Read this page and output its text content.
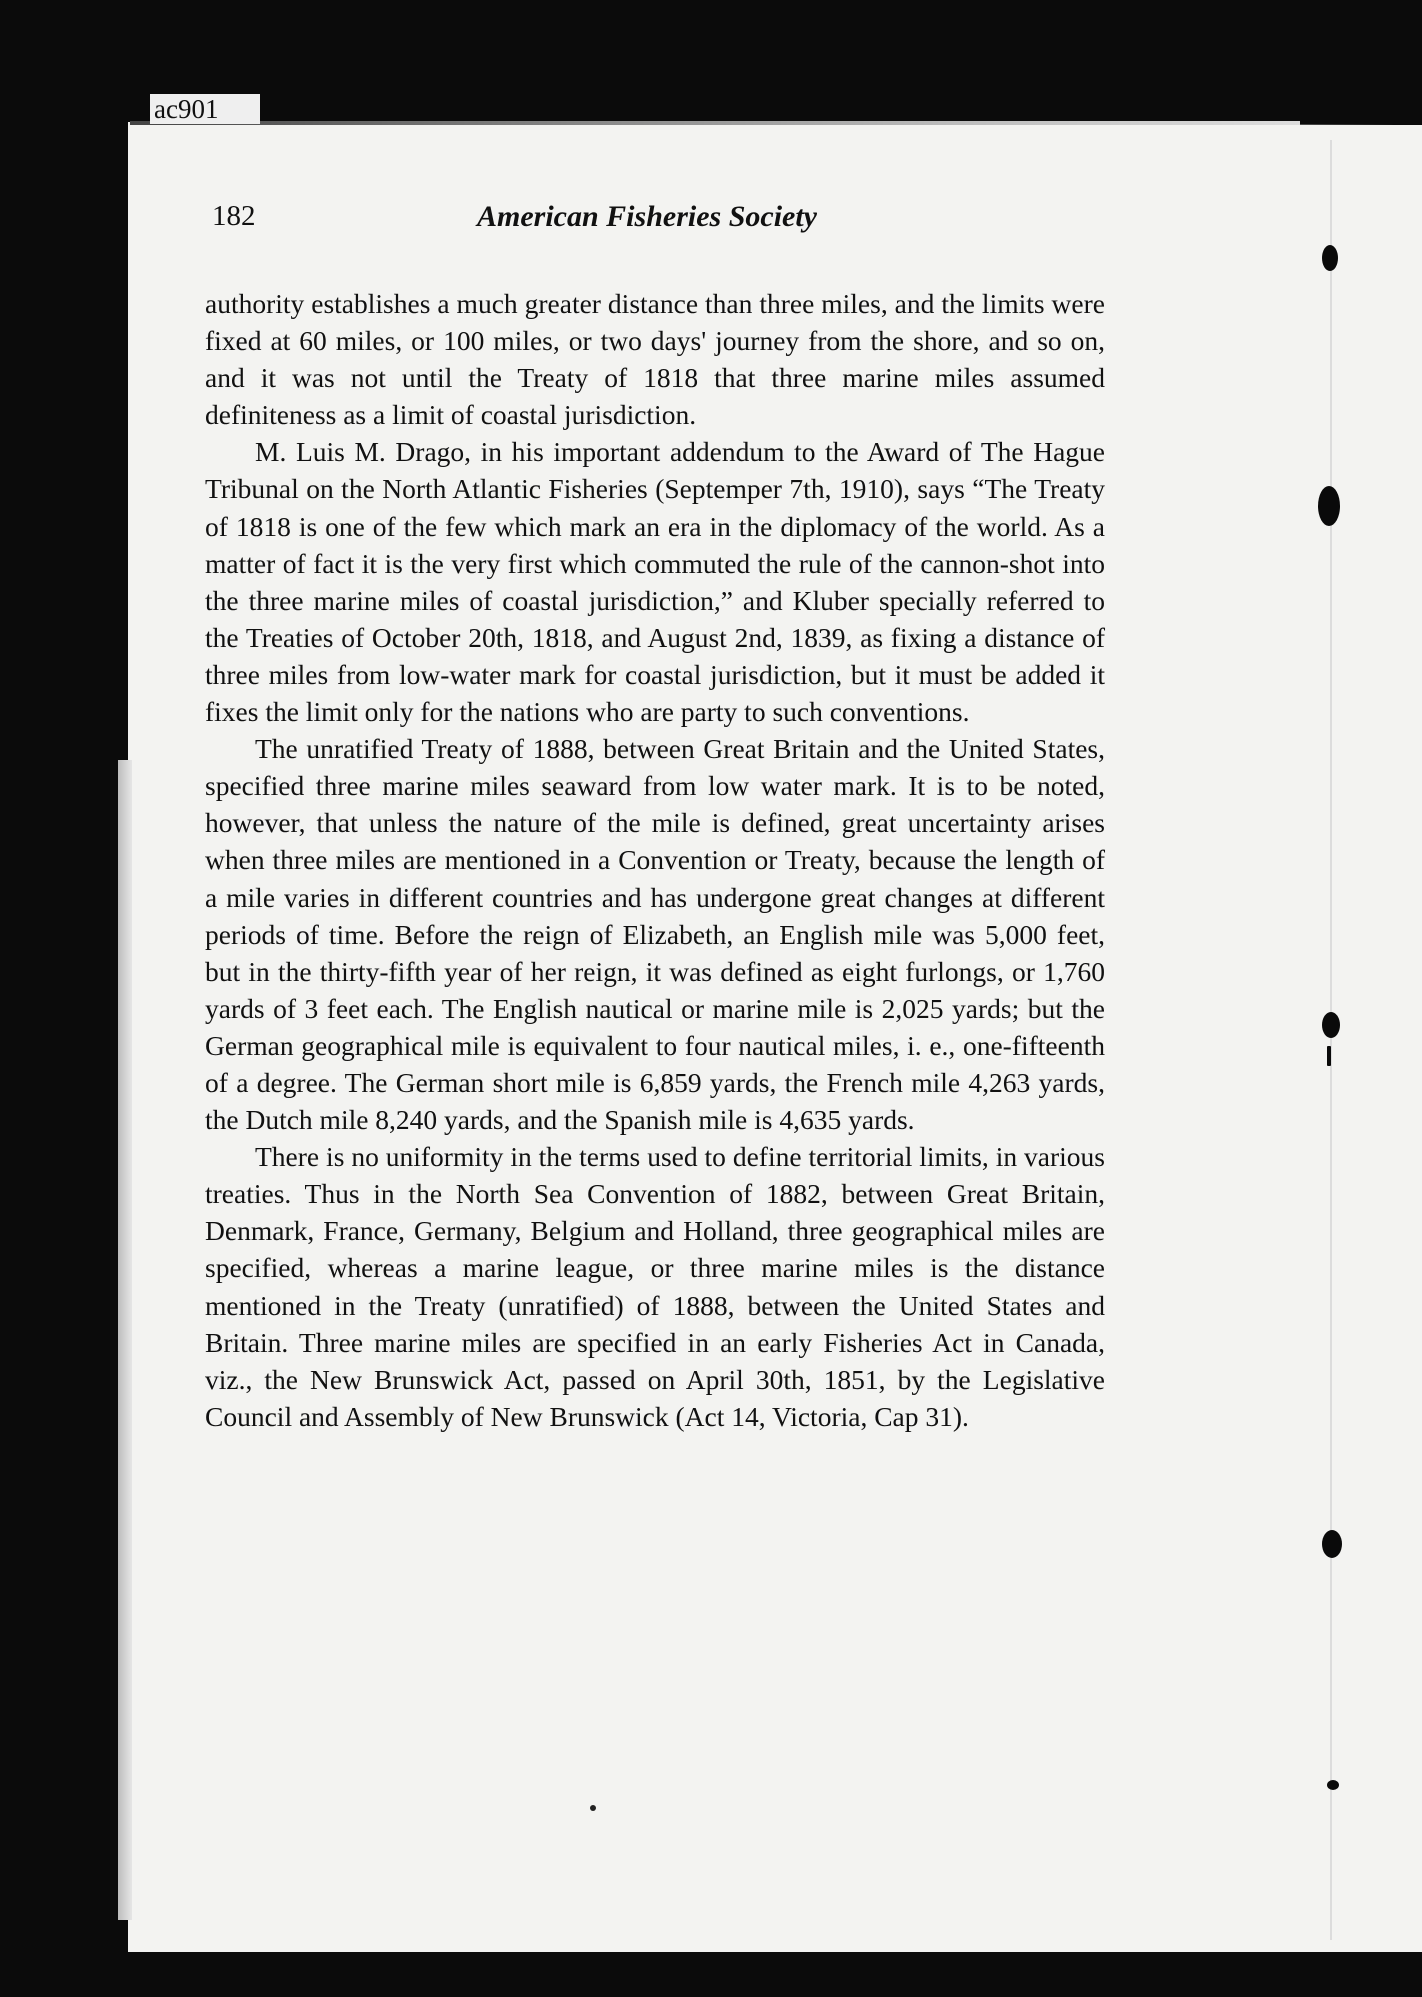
ac901
182	American Fisheries Society

authority establishes a much greater distance than three miles, and the limits were fixed at 60 miles, or 100 miles, or two days' journey from the shore, and so on, and it was not until the Treaty of 1818 that three marine miles assumed definiteness as a limit of coastal jurisdiction.

M. Luis M. Drago, in his important addendum to the Award of The Hague Tribunal on the North Atlantic Fisheries (Septemper 7th, 1910), says “The Treaty of 1818 is one of the few which mark an era in the diplomacy of the world. As a matter of fact it is the very first which commuted the rule of the cannon-shot into the three marine miles of coastal jurisdiction,” and Kluber specially referred to the Treaties of October 20th, 1818, and August 2nd, 1839, as fixing a distance of three miles from low-water mark for coastal jurisdiction, but it must be added it fixes the limit only for the nations who are party to such conventions.

The unratified Treaty of 1888, between Great Britain and the United States, specified three marine miles seaward from low water mark. It is to be noted, however, that unless the nature of the mile is defined, great uncertainty arises when three miles are mentioned in a Convention or Treaty, because the length of a mile varies in different countries and has undergone great changes at different periods of time. Before the reign of Elizabeth, an English mile was 5,000 feet, but in the thirty-fifth year of her reign, it was defined as eight furlongs, or 1,760 yards of 3 feet each. The English nautical or marine mile is 2,025 yards; but the German geographical mile is equivalent to four nautical miles, i. e., one-fifteenth of a degree. The German short mile is 6,859 yards, the French mile 4,263 yards, the Dutch mile 8,240 yards, and the Spanish mile is 4,635 yards.

There is no uniformity in the terms used to define territorial limits, in various treaties. Thus in the North Sea Convention of 1882, between Great Britain, Denmark, France, Germany, Belgium and Holland, three geographical miles are specified, whereas a marine league, or three marine miles is the distance mentioned in the Treaty (unratified) of 1888, between the United States and Britain. Three marine miles are specified in an early Fisheries Act in Canada, viz., the New Brunswick Act, passed on April 30th, 1851, by the Legislative Council and Assembly of New Brunswick (Act 14, Victoria, Cap 31).
